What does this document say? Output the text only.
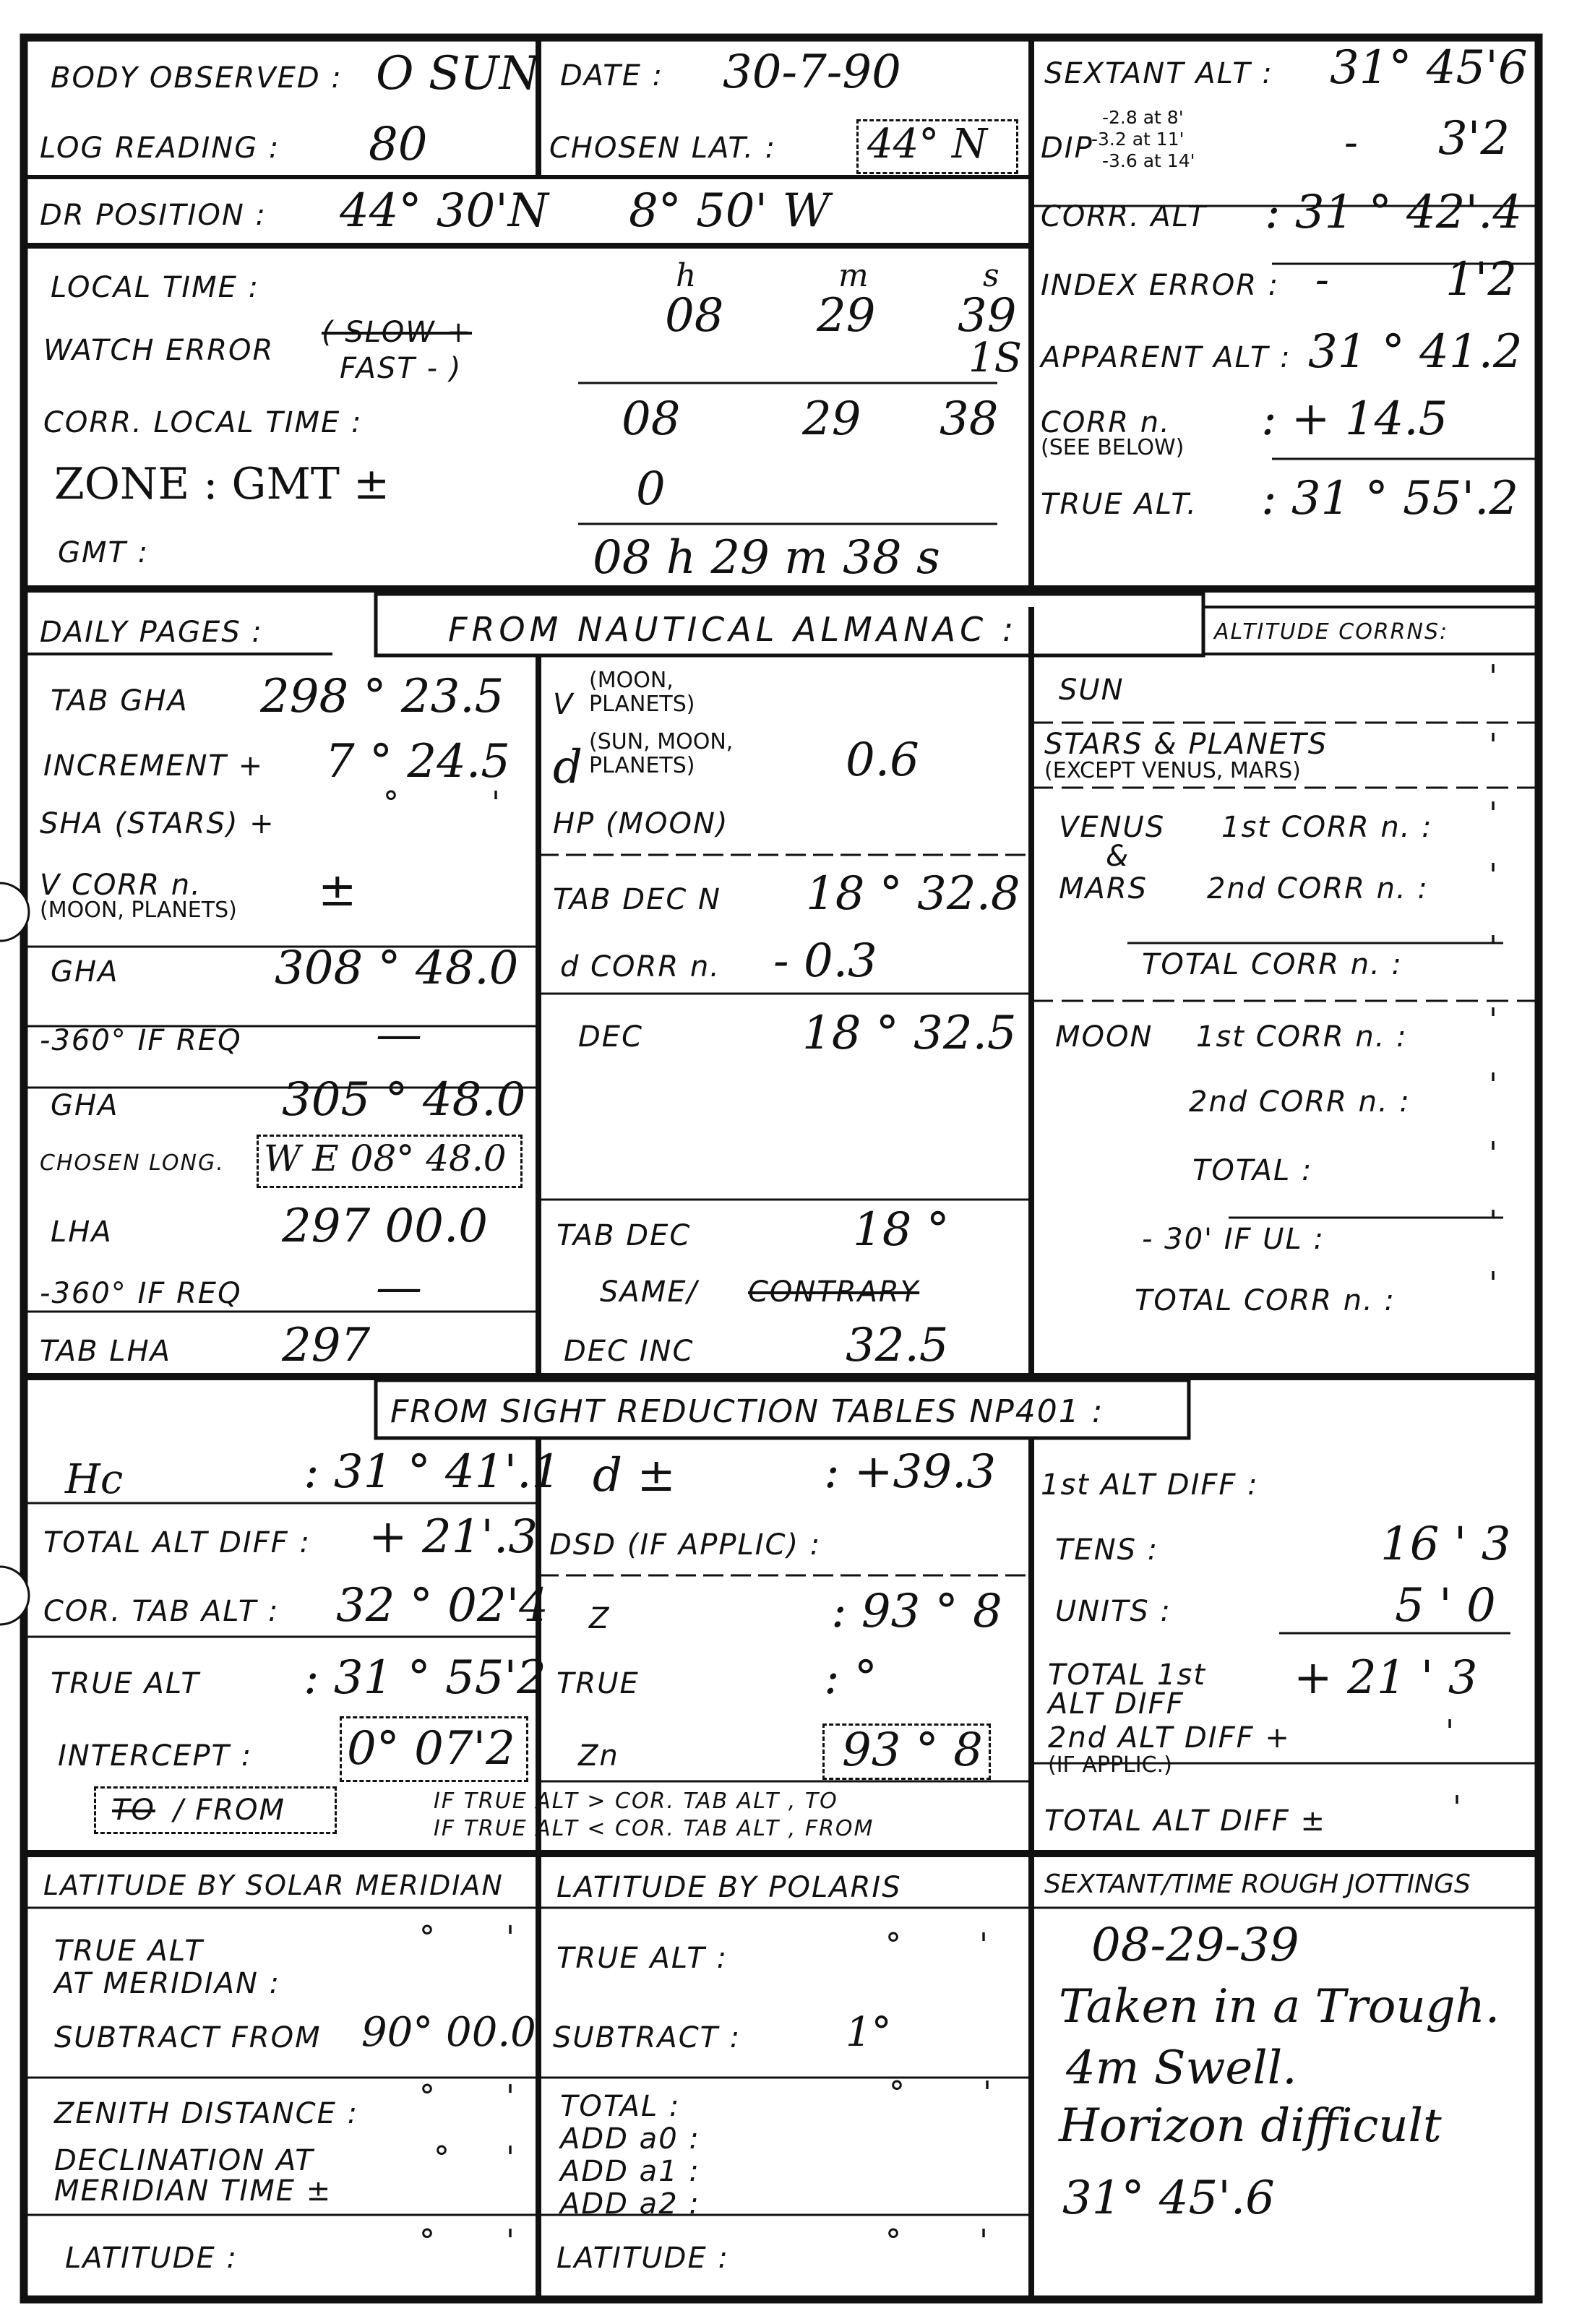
BODY OBSERVED : O SUN DATE : 30-7-90
LOG READING : 80	CHOSEN LAT. : 44° N
DR POSITION : 44° 30'N 8° 50' W
SEXTANT ALT : 31° 45'6
DIP
-2.8 at 8'
-3.2 at 11'
-3.6 at 14'	- 3'2
CORR. ALT : 31 ° 42'.4
INDEX ERROR : -	1'2
APPARENT ALT : 31 ° 41.2
CORR n.
(SEE BELOW)
: + 14.5
TRUE ALT. : 31 ° 55'.2
LOCAL TIME :	h	m	s
08 29 39
WATCH ERROR
( SLOW +
FAST - )	1S
CORR. LOCAL TIME :	08	29 38
ZONE : GMT ±	0
GMT :	08 h 29 m 38 s
DAILY PAGES :	FROM NAUTICAL ALMANAC :	ALTITUDE CORRNS:
TAB GHA 298 ° 23.5
INCREMENT + 7 ° 24.5
SHA (STARS) +
V CORR n.
(MOON, PLANETS) ±
GHA	308 ° 48.0
-360° IF REQ	—
GHA	305 ° 48.0
CHOSEN LONG. W E 08° 48.0
LHA	297 00.0
-360° IF REQ	—
TAB LHA 297
V
(MOON, PLANETS)
d (SUN, MOON, PLANETS)	0.6
HP (MOON)
TAB DEC N 18 ° 32.8
d CORR n. - 0.3
DEC	18 ° 32.5
TAB DEC	18 °
SAME/ CONTRARY
DEC INC	32.5
SUN
STARS & PLANETS
(EXCEPT VENUS, MARS)
VENUS
&
MARS
1st CORR n. :
2nd CORR n. :
TOTAL CORR n. :
MOON 1st CORR n. :
2nd CORR n. :
TOTAL :
- 30' IF UL :
TOTAL CORR n. :
FROM SIGHT REDUCTION TABLES NP401 :
Hc	: 31 ° 41'.1
TOTAL ALT DIFF : + 21'.3
COR. TAB ALT : 32 ° 02'4
TRUE ALT : 31 ° 55'2
INTERCEPT : 0° 07'2
TO / FROM	IF TRUE ALT > COR. TAB ALT , TO
IF TRUE ALT < COR. TAB ALT , FROM
d ±	: +39.3
DSD (IF APPLIC) :
Z	: 93 ° 8
TRUE	: °
Zn	93 ° 8
1st ALT DIFF :
TENS :	16 ' 3
UNITS :	5 ' 0
TOTAL 1st
ALT DIFF + 21 ' 3
2nd ALT DIFF +
(IF APPLIC.)
TOTAL ALT DIFF ±
LATITUDE BY SOLAR MERIDIAN
TRUE ALT
AT MERIDIAN :
SUBTRACT FROM 90° 00.0
ZENITH DISTANCE :
DECLINATION AT
MERIDIAN TIME ±
LATITUDE :
LATITUDE BY POLARIS
TRUE ALT :
SUBTRACT :	1°
TOTAL :
ADD a0 :
ADD a1 :
ADD a2 :
LATITUDE :
SEXTANT/TIME ROUGH JOTTINGS
08-29-39
Taken in a Trough.
4m Swell.
Horizon difficult
31° 45'.6
°	'
'
'
'
'
'
'
'
'
'
'
'
'
° '
° '
° '
° '
° '
° '
° '
